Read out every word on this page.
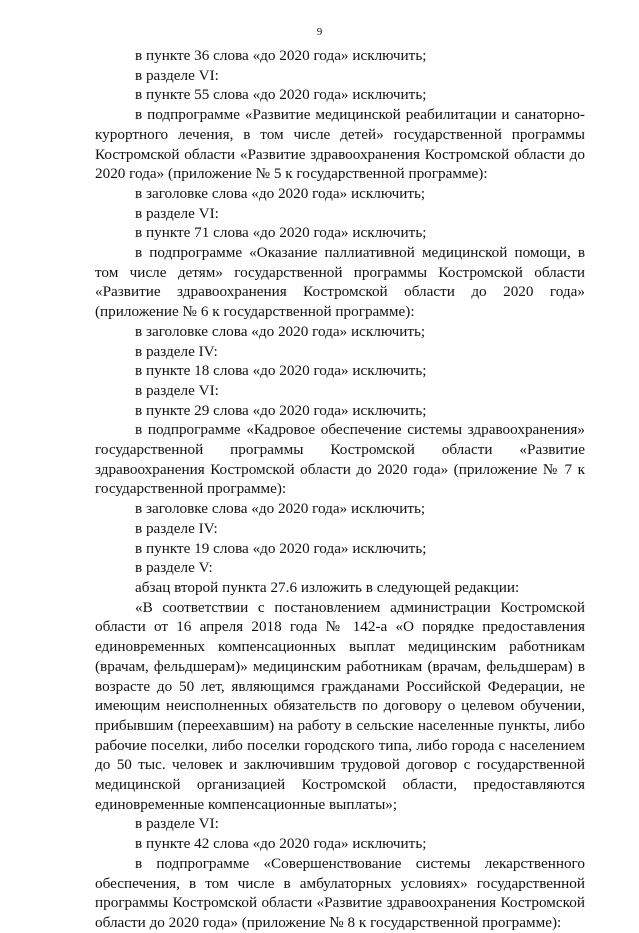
9

в пункте 36 слова «до 2020 года» исключить;

в разделе VI:

в пункте 55 слова «до 2020 года» исключить;

в подпрограмме «Развитие медицинской реабилитации и санаторно-курортного лечения, в том числе детей» государственной программы Костромской области «Развитие здравоохранения Костромской области до 2020 года» (приложение № 5 к государственной программе):

в заголовке слова «до 2020 года» исключить;

в разделе VI:

в пункте 71 слова «до 2020 года» исключить;

в подпрограмме «Оказание паллиативной медицинской помощи, в том числе детям» государственной программы Костромской области «Развитие здравоохранения Костромской области до 2020 года» (приложение № 6 к государственной программе):

в заголовке слова «до 2020 года» исключить;

в разделе IV:

в пункте 18 слова «до 2020 года» исключить;

в разделе VI:

в пункте 29 слова «до 2020 года» исключить;

в подпрограмме «Кадровое обеспечение системы здравоохранения» государственной программы Костромской области «Развитие здравоохранения Костромской области до 2020 года» (приложение № 7 к государственной программе):

в заголовке слова «до 2020 года» исключить;

в разделе IV:

в пункте 19 слова «до 2020 года» исключить;

в разделе V:

абзац второй пункта 27.6 изложить в следующей редакции:

«В соответствии с постановлением администрации Костромской области от 16 апреля 2018 года № 142-а «О порядке предоставления единовременных компенсационных выплат медицинским работникам (врачам, фельдшерам)» медицинским работникам (врачам, фельдшерам) в возрасте до 50 лет, являющимся гражданами Российской Федерации, не имеющим неисполненных обязательств по договору о целевом обучении, прибывшим (переехавшим) на работу в сельские населенные пункты, либо рабочие поселки, либо поселки городского типа, либо города с населением до 50 тыс. человек и заключившим трудовой договор с государственной медицинской организацией Костромской области, предоставляются единовременные компенсационные выплаты»;

в разделе VI:

в пункте 42 слова «до 2020 года» исключить;

в подпрограмме «Совершенствование системы лекарственного обеспечения, в том числе в амбулаторных условиях» государственной программы Костромской области «Развитие здравоохранения Костромской области до 2020 года» (приложение № 8 к государственной программе):
